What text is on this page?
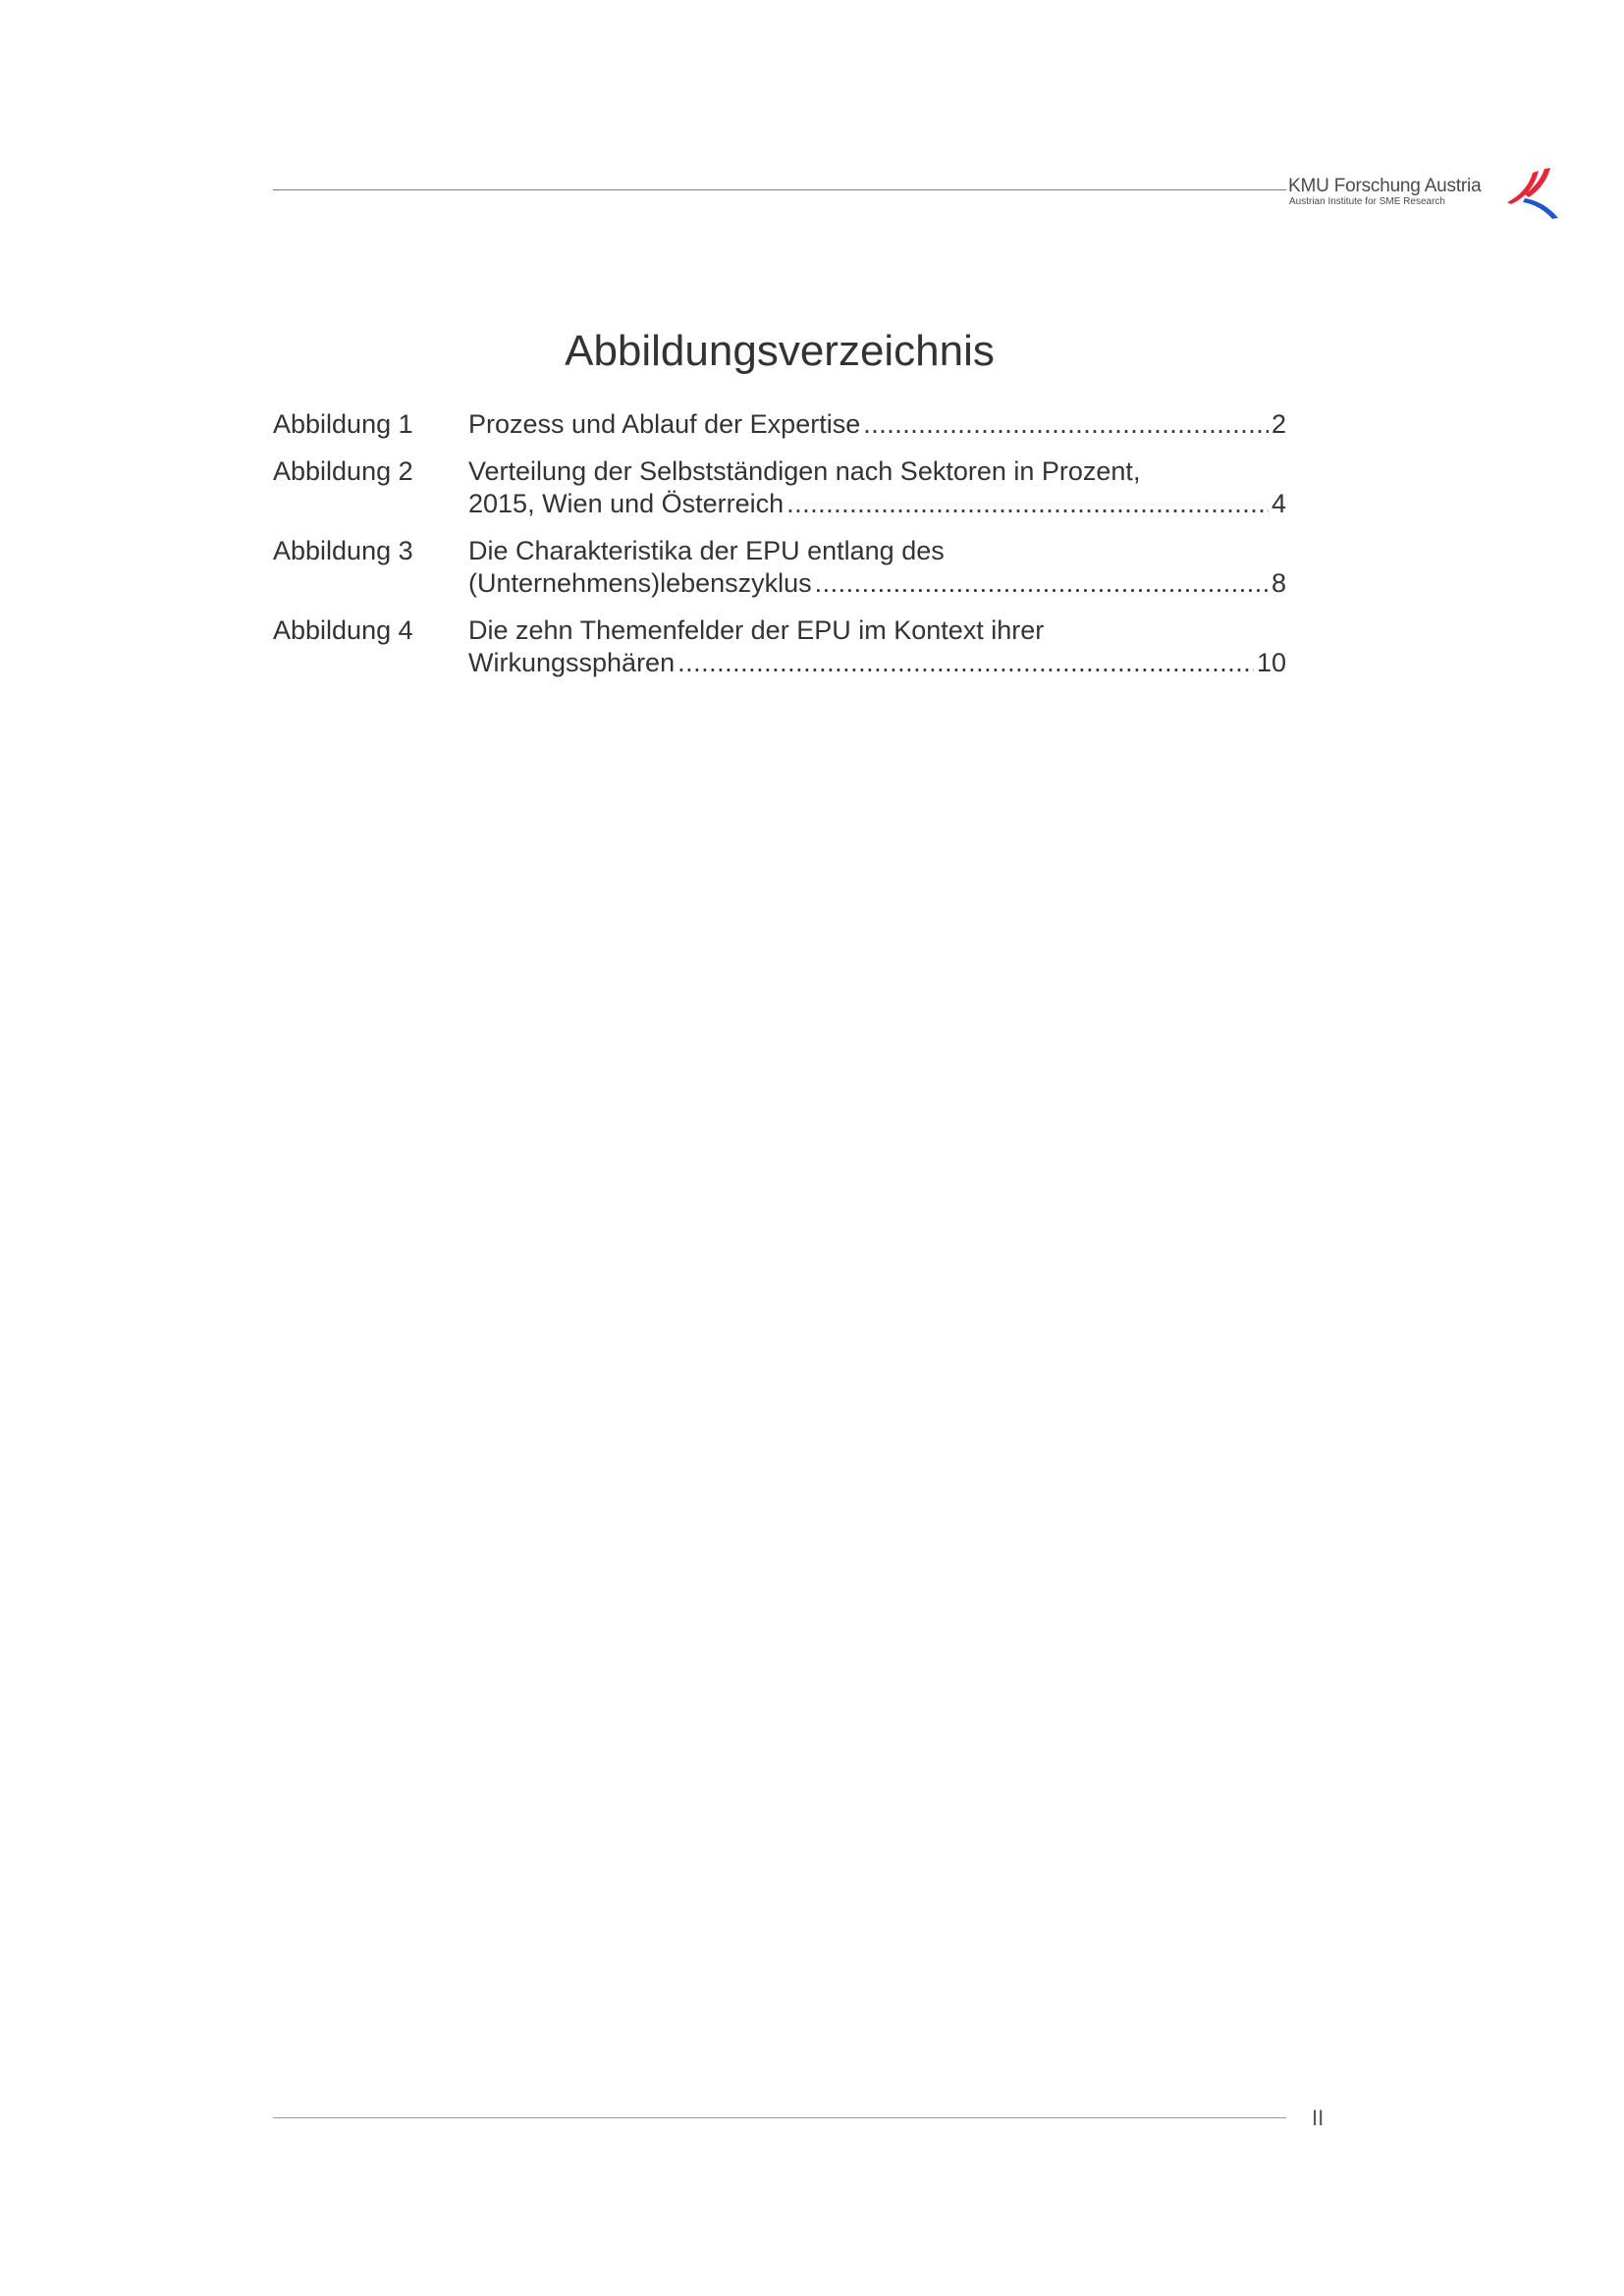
KMU Forschung Austria
Austrian Institute for SME Research
Abbildungsverzeichnis
Abbildung 1	Prozess und Ablauf der Expertise .....	2
Abbildung 2	Verteilung der Selbstständigen nach Sektoren in Prozent,
2015, Wien und Österreich .....	4
Abbildung 3	Die Charakteristika der EPU entlang des
(Unternehmens)lebenszyklus .....	8
Abbildung 4	Die zehn Themenfelder der EPU im Kontext ihrer
Wirkungssphären .....	10
II
